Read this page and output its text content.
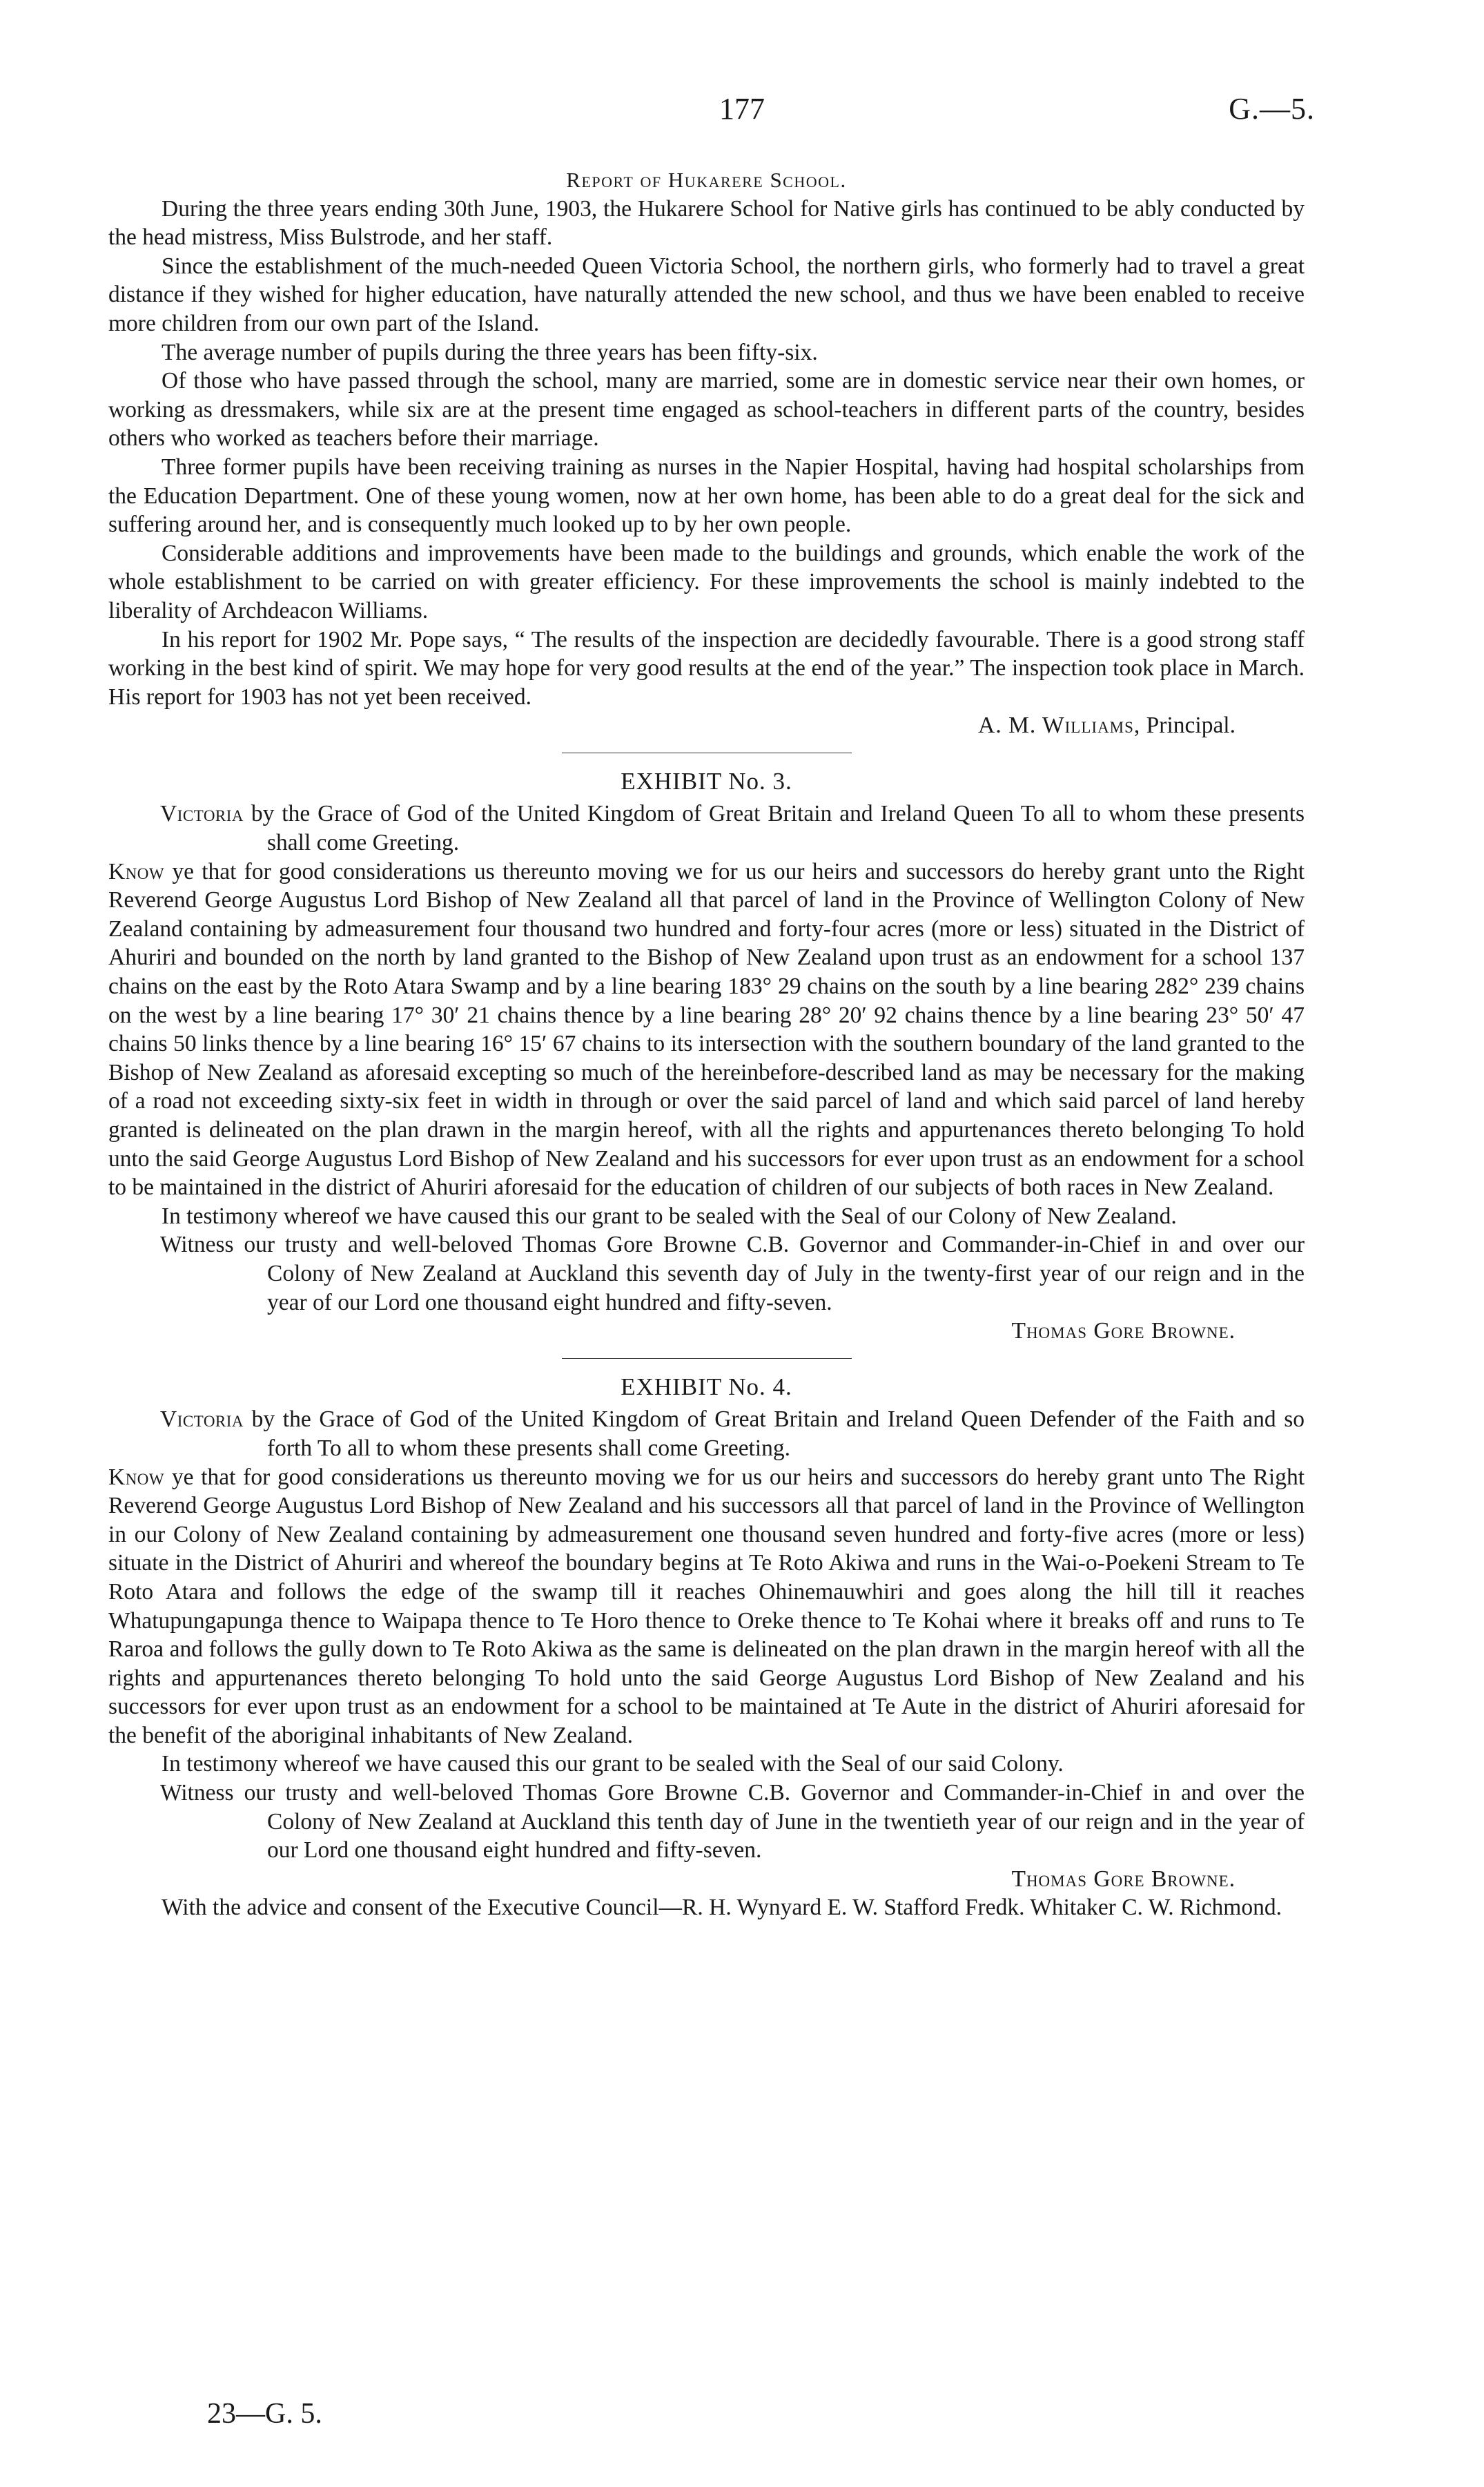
177	G.—5.

Report of Hukarere School.

During the three years ending 30th June, 1903, the Hukarere School for Native girls has continued to be ably conducted by the head mistress, Miss Bulstrode, and her staff.

Since the establishment of the much-needed Queen Victoria School, the northern girls, who formerly had to travel a great distance if they wished for higher education, have naturally attended the new school, and thus we have been enabled to receive more children from our own part of the Island.

The average number of pupils during the three years has been fifty-six.

Of those who have passed through the school, many are married, some are in domestic service near their own homes, or working as dressmakers, while six are at the present time engaged as school-teachers in different parts of the country, besides others who worked as teachers before their marriage.

Three former pupils have been receiving training as nurses in the Napier Hospital, having had hospital scholarships from the Education Department. One of these young women, now at her own home, has been able to do a great deal for the sick and suffering around her, and is consequently much looked up to by her own people.

Considerable additions and improvements have been made to the buildings and grounds, which enable the work of the whole establishment to be carried on with greater efficiency. For these improvements the school is mainly indebted to the liberality of Archdeacon Williams.

In his report for 1902 Mr. Pope says, “ The results of the inspection are decidedly favourable. There is a good strong staff working in the best kind of spirit. We may hope for very good results at the end of the year.” The inspection took place in March. His report for 1903 has not yet been received.

A. M. Williams, Principal.

EXHIBIT No. 3.

Victoria by the Grace of God of the United Kingdom of Great Britain and Ireland Queen To all to whom these presents shall come Greeting.

Know ye that for good considerations us thereunto moving we for us our heirs and successors do hereby grant unto the Right Reverend George Augustus Lord Bishop of New Zealand all that parcel of land in the Province of Wellington Colony of New Zealand containing by admeasurement four thousand two hundred and forty-four acres (more or less) situated in the District of Ahuriri and bounded on the north by land granted to the Bishop of New Zealand upon trust as an endowment for a school 137 chains on the east by the Roto Atara Swamp and by a line bearing 183° 29 chains on the south by a line bearing 282° 239 chains on the west by a line bearing 17° 30′ 21 chains thence by a line bearing 28° 20′ 92 chains thence by a line bearing 23° 50′ 47 chains 50 links thence by a line bearing 16° 15′ 67 chains to its intersection with the southern boundary of the land granted to the Bishop of New Zealand as aforesaid excepting so much of the hereinbefore-described land as may be necessary for the making of a road not exceeding sixty-six feet in width in through or over the said parcel of land and which said parcel of land hereby granted is delineated on the plan drawn in the margin hereof, with all the rights and appurtenances thereto belonging To hold unto the said George Augustus Lord Bishop of New Zealand and his successors for ever upon trust as an endowment for a school to be maintained in the district of Ahuriri aforesaid for the education of children of our subjects of both races in New Zealand.

In testimony whereof we have caused this our grant to be sealed with the Seal of our Colony of New Zealand.

Witness our trusty and well-beloved Thomas Gore Browne C.B. Governor and Commander-in-Chief in and over our Colony of New Zealand at Auckland this seventh day of July in the twenty-first year of our reign and in the year of our Lord one thousand eight hundred and fifty-seven.

Thomas Gore Browne.

EXHIBIT No. 4.

Victoria by the Grace of God of the United Kingdom of Great Britain and Ireland Queen Defender of the Faith and so forth To all to whom these presents shall come Greeting.

Know ye that for good considerations us thereunto moving we for us our heirs and successors do hereby grant unto The Right Reverend George Augustus Lord Bishop of New Zealand and his successors all that parcel of land in the Province of Wellington in our Colony of New Zealand containing by admeasurement one thousand seven hundred and forty-five acres (more or less) situate in the District of Ahuriri and whereof the boundary begins at Te Roto Akiwa and runs in the Wai-o-Poekeni Stream to Te Roto Atara and follows the edge of the swamp till it reaches Ohinemauwhiri and goes along the hill till it reaches Whatupungapunga thence to Waipapa thence to Te Horo thence to Oreke thence to Te Kohai where it breaks off and runs to Te Raroa and follows the gully down to Te Roto Akiwa as the same is delineated on the plan drawn in the margin hereof with all the rights and appurtenances thereto belonging To hold unto the said George Augustus Lord Bishop of New Zealand and his successors for ever upon trust as an endowment for a school to be maintained at Te Aute in the district of Ahuriri aforesaid for the benefit of the aboriginal inhabitants of New Zealand.

In testimony whereof we have caused this our grant to be sealed with the Seal of our said Colony.

Witness our trusty and well-beloved Thomas Gore Browne C.B. Governor and Commander-in-Chief in and over the Colony of New Zealand at Auckland this tenth day of June in the twentieth year of our reign and in the year of our Lord one thousand eight hundred and fifty-seven.

Thomas Gore Browne.

With the advice and consent of the Executive Council—R. H. Wynyard E. W. Stafford Fredk. Whitaker C. W. Richmond.

23—G. 5.
